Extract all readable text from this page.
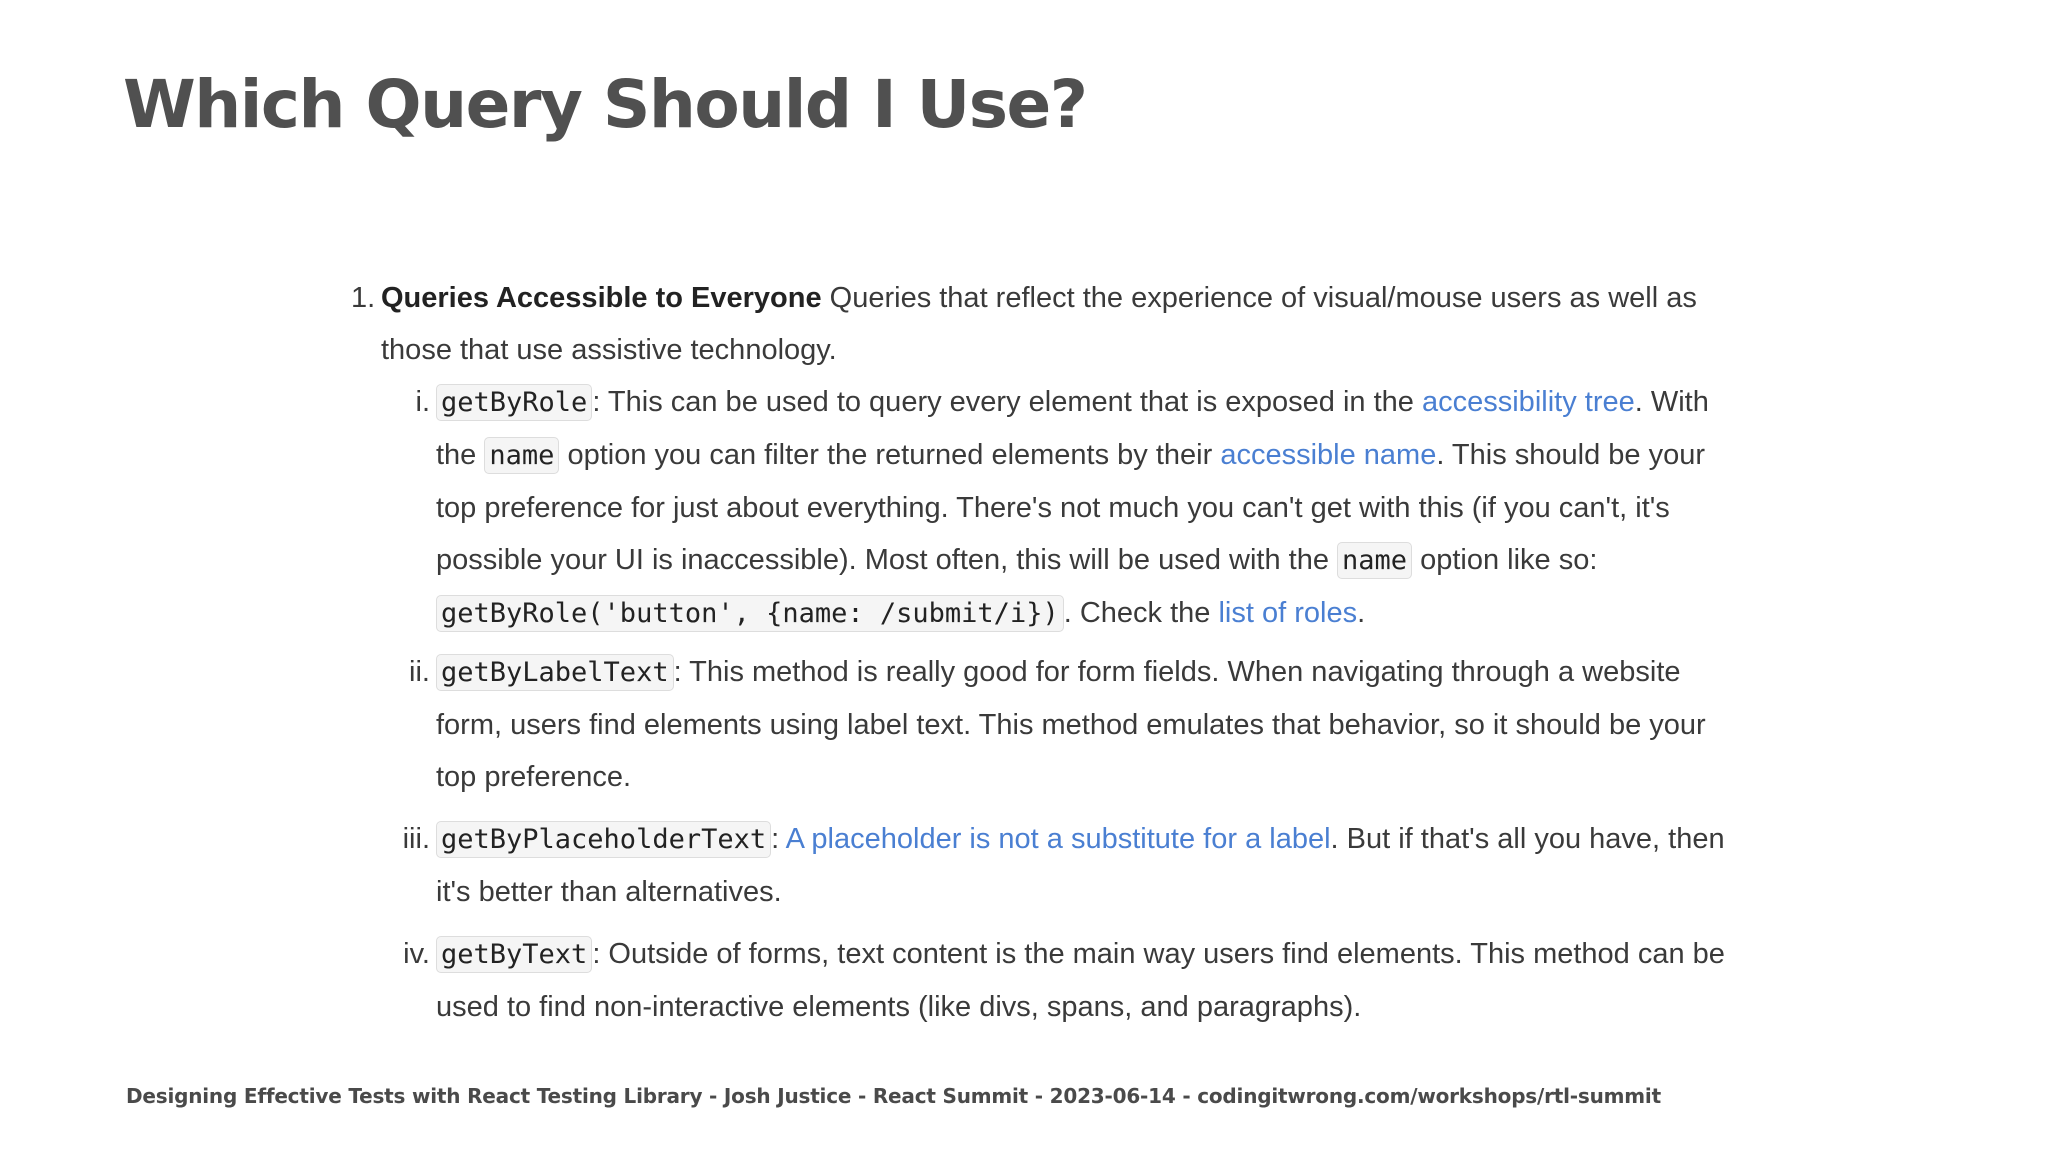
Which Query Should I Use?
1. Queries Accessible to Everyone Queries that reflect the experience of visual/mouse users as well as those that use assistive technology.
i. getByRole : This can be used to query every element that is exposed in the accessibility tree. With the name option you can filter the returned elements by their accessible name. This should be your top preference for just about everything. There's not much you can't get with this (if you can't, it's possible your UI is inaccessible). Most often, this will be used with the name option like so: getByRole('button', {name: /submit/i}) . Check the list of roles.
ii. getByLabelText : This method is really good for form fields. When navigating through a website form, users find elements using label text. This method emulates that behavior, so it should be your top preference.
iii. getByPlaceholderText : A placeholder is not a substitute for a label. But if that's all you have, then it's better than alternatives.
iv. getByText : Outside of forms, text content is the main way users find elements. This method can be used to find non-interactive elements (like divs, spans, and paragraphs).

Designing Effective Tests with React Testing Library - Josh Justice - React Summit - 2023-06-14 - codingitwrong.com/workshops/rtl-summit
